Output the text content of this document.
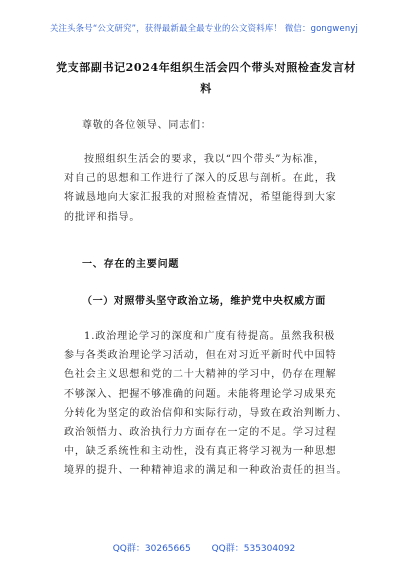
关注头条号“公文研究”，获得最新最全最专业的公文资料库！ 微信：gongwenyj
党支部副书记2024年组织生活会四个带头对照检查发言材
料
尊敬的各位领导、同志们：
按照组织生活会的要求，我以“四个带头”为标准，
对自己的思想和工作进行了深入的反思与剖析。在此，我
将诚恳地向大家汇报我的对照检查情况，希望能得到大家
的批评和指导。
一、存在的主要问题
（一）对照带头坚守政治立场，维护党中央权威方面
1.政治理论学习的深度和广度有待提高。虽然我积极
参与各类政治理论学习活动，但在对习近平新时代中国特
色社会主义思想和党的二十大精神的学习中，仍存在理解
不够深入、把握不够准确的问题。未能将理论学习成果充
分转化为坚定的政治信仰和实际行动，导致在政治判断力、
政治领悟力、政治执行力方面存在一定的不足。学习过程
中，缺乏系统性和主动性，没有真正将学习视为一种思想
境界的提升、一种精神追求的满足和一种政治责任的担当。
QQ群：30265665 QQ群：535304092
